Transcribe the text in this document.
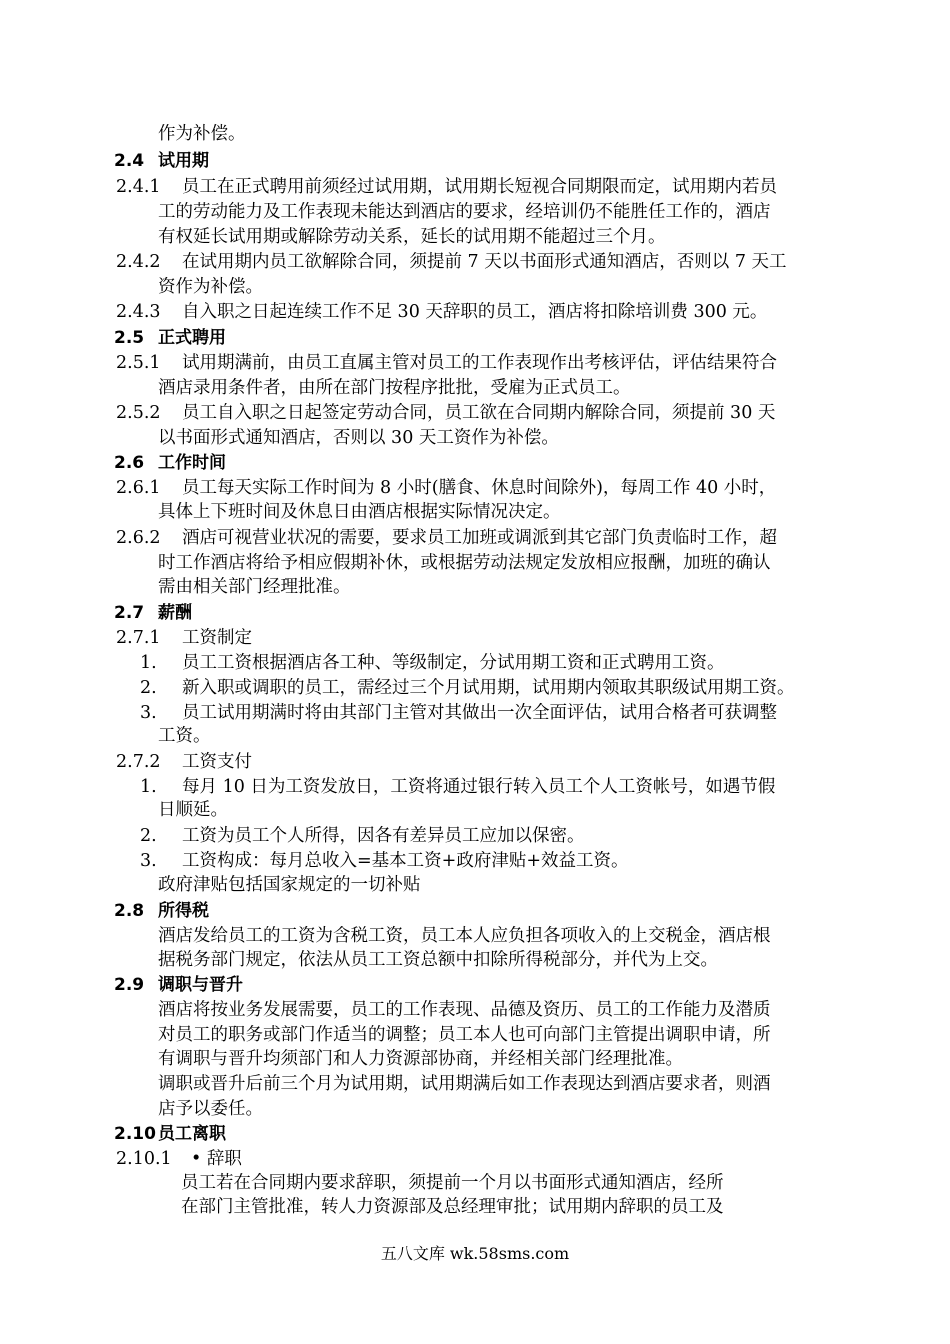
作为补偿。
2.4 试用期
2.4.1 员工在正式聘用前须经过试用期，试用期长短视合同期限而定，试用期内若员
工的劳动能力及工作表现未能达到酒店的要求，经培训仍不能胜任工作的，酒店
有权延长试用期或解除劳动关系，延长的试用期不能超过三个月。
2.4.2 在试用期内员工欲解除合同，须提前 7 天以书面形式通知酒店，否则以 7 天工
资作为补偿。
2.4.3 自入职之日起连续工作不足 30 天辞职的员工，酒店将扣除培训费 300 元。
2.5 正式聘用
2.5.1 试用期满前，由员工直属主管对员工的工作表现作出考核评估，评估结果符合
酒店录用条件者，由所在部门按程序批批，受雇为正式员工。
2.5.2 员工自入职之日起签定劳动合同，员工欲在合同期内解除合同，须提前 30 天
以书面形式通知酒店，否则以 30 天工资作为补偿。
2.6 工作时间
2.6.1 员工每天实际工作时间为 8 小时(膳食、休息时间除外)，每周工作 40 小时，
具体上下班时间及休息日由酒店根据实际情况决定。
2.6.2 酒店可视营业状况的需要，要求员工加班或调派到其它部门负责临时工作，超
时工作酒店将给予相应假期补休，或根据劳动法规定发放相应报酬，加班的确认
需由相关部门经理批准。
2.7 薪酬
2.7.1 工资制定
1. 员工工资根据酒店各工种、等级制定，分试用期工资和正式聘用工资。
2. 新入职或调职的员工，需经过三个月试用期，试用期内领取其职级试用期工资。
3. 员工试用期满时将由其部门主管对其做出一次全面评估，试用合格者可获调整
工资。
2.7.2 工资支付
1. 每月 10 日为工资发放日，工资将通过银行转入员工个人工资帐号，如遇节假
日顺延。
2. 工资为员工个人所得，因各有差异员工应加以保密。
3. 工资构成：每月总收入=基本工资+政府津贴+效益工资。
政府津贴包括国家规定的一切补贴
2.8 所得税
酒店发给员工的工资为含税工资，员工本人应负担各项收入的上交税金，酒店根
据税务部门规定，依法从员工工资总额中扣除所得税部分，并代为上交。
2.9 调职与晋升
酒店将按业务发展需要，员工的工作表现、品德及资历、员工的工作能力及潜质
对员工的职务或部门作适当的调整；员工本人也可向部门主管提出调职申请，所
有调职与晋升均须部门和人力资源部协商，并经相关部门经理批准。
调职或晋升后前三个月为试用期，试用期满后如工作表现达到酒店要求者，则酒
店予以委任。
2.10 员工离职
2.10.1 • 辞职
员工若在合同期内要求辞职，须提前一个月以书面形式通知酒店，经所
在部门主管批准，转人力资源部及总经理审批；试用期内辞职的员工及
五八文库 wk.58sms.com
